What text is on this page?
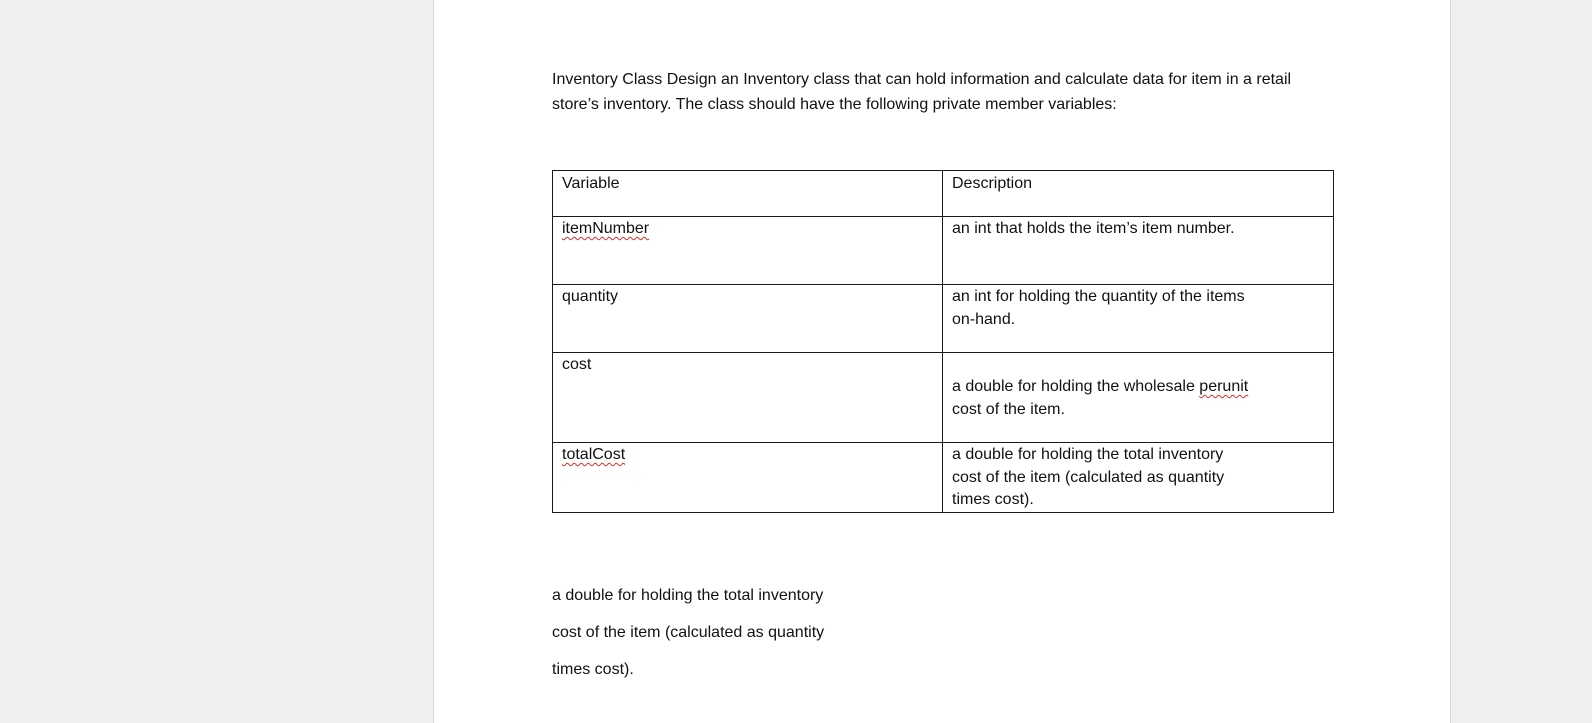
Inventory Class Design an Inventory class that can hold information and calculate data for item in a retail store’s inventory. The class should have the following private member variables:

Variable	Description
itemNumber	an int that holds the item’s item number.

quantity	an int for holding the quantity of the items on-hand.

cost	a double for holding the wholesale perunit cost of the item.

totalCost	a double for holding the total inventory cost of the item (calculated as quantity times cost).

a double for holding the total inventory

cost of the item (calculated as quantity

times cost).
